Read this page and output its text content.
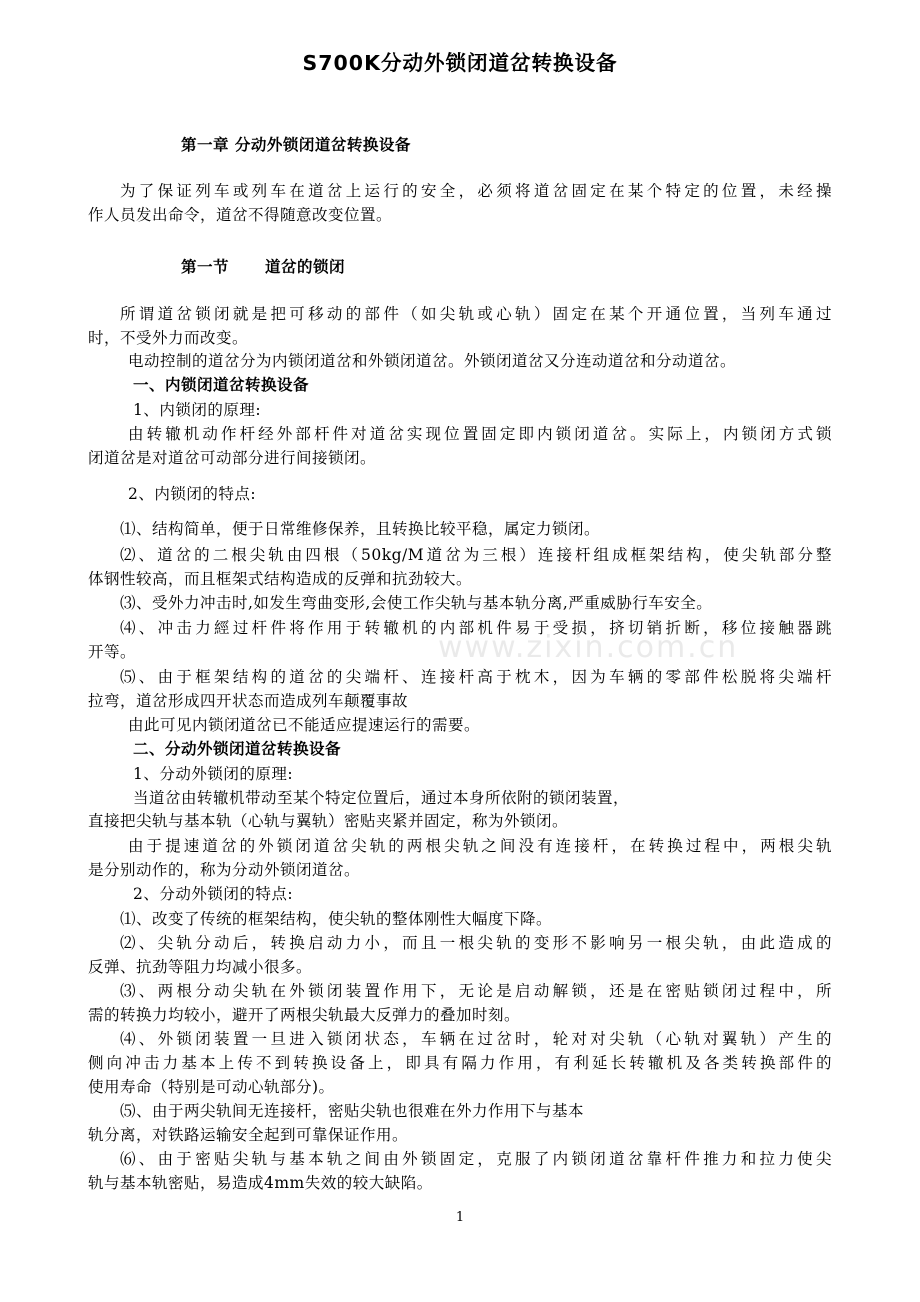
S700K分动外锁闭道岔转换设备
第一章 分动外锁闭道岔转换设备
为了保证列车或列车在道岔上运行的安全，必须将道岔固定在某个特定的位置，未经操
作人员发出命令，道岔不得随意改变位置。
第一节 道岔的锁闭
所谓道岔锁闭就是把可移动的部件（如尖轨或心轨）固定在某个开通位置，当列车通过
时，不受外力而改变。
电动控制的道岔分为内锁闭道岔和外锁闭道岔。外锁闭道岔又分连动道岔和分动道岔。
一、内锁闭道岔转换设备
1、内锁闭的原理:
由转辙机动作杆经外部杆件对道岔实现位置固定即内锁闭道岔。实际上，内锁闭方式锁
闭道岔是对道岔可动部分进行间接锁闭。
2、内锁闭的特点:
⑴、结构简单，便于日常维修保养，且转换比较平稳，属定力锁闭。
⑵、道岔的二根尖轨由四根（50kg/M道岔为三根）连接杆组成框架结构，使尖轨部分整
体钢性较高，而且框架式结构造成的反弹和抗劲较大。
⑶、受外力冲击时,如发生弯曲变形,会使工作尖轨与基本轨分离,严重威胁行车安全。
⑷、冲击力經过杆件将作用于转辙机的内部机件易于受损，挤切销折断，移位接触器跳
开等。
⑸、由于框架结构的道岔的尖端杆、连接杆高于枕木，因为车辆的零部件松脱将尖端杆
拉弯，道岔形成四开状态而造成列车颠覆事故
由此可见内锁闭道岔已不能适应提速运行的需要。
二、分动外锁闭道岔转换设备
1、分动外锁闭的原理:
当道岔由转辙机带动至某个特定位置后，通过本身所依附的锁闭装置，
直接把尖轨与基本轨（心轨与翼轨）密贴夹紧并固定，称为外锁闭。
由于提速道岔的外锁闭道岔尖轨的两根尖轨之间没有连接杆，在转换过程中，两根尖轨
是分别动作的，称为分动外锁闭道岔。
2、分动外锁闭的特点:
⑴、改变了传统的框架结构，使尖轨的整体刚性大幅度下降。
⑵、尖轨分动后，转换启动力小，而且一根尖轨的变形不影响另一根尖轨，由此造成的
反弹、抗劲等阻力均减小很多。
⑶、两根分动尖轨在外锁闭装置作用下，无论是启动解锁，还是在密贴锁闭过程中，所
需的转换力均较小，避开了两根尖轨最大反弹力的叠加时刻。
⑷、外锁闭装置一旦进入锁闭状态，车辆在过岔时，轮对对尖轨（心轨对翼轨）产生的
侧向冲击力基本上传不到转换设备上，即具有隔力作用，有利延长转辙机及各类转换部件的
使用寿命（特别是可动心轨部分)。
⑸、由于两尖轨间无连接杆，密贴尖轨也很难在外力作用下与基本
轨分离，对铁路运输安全起到可靠保证作用。
⑹、由于密贴尖轨与基本轨之间由外锁固定，克服了内锁闭道岔靠杆件推力和拉力使尖
轨与基本轨密贴，易造成4mm失效的较大缺陷。
www.zixin.com.cn
1
